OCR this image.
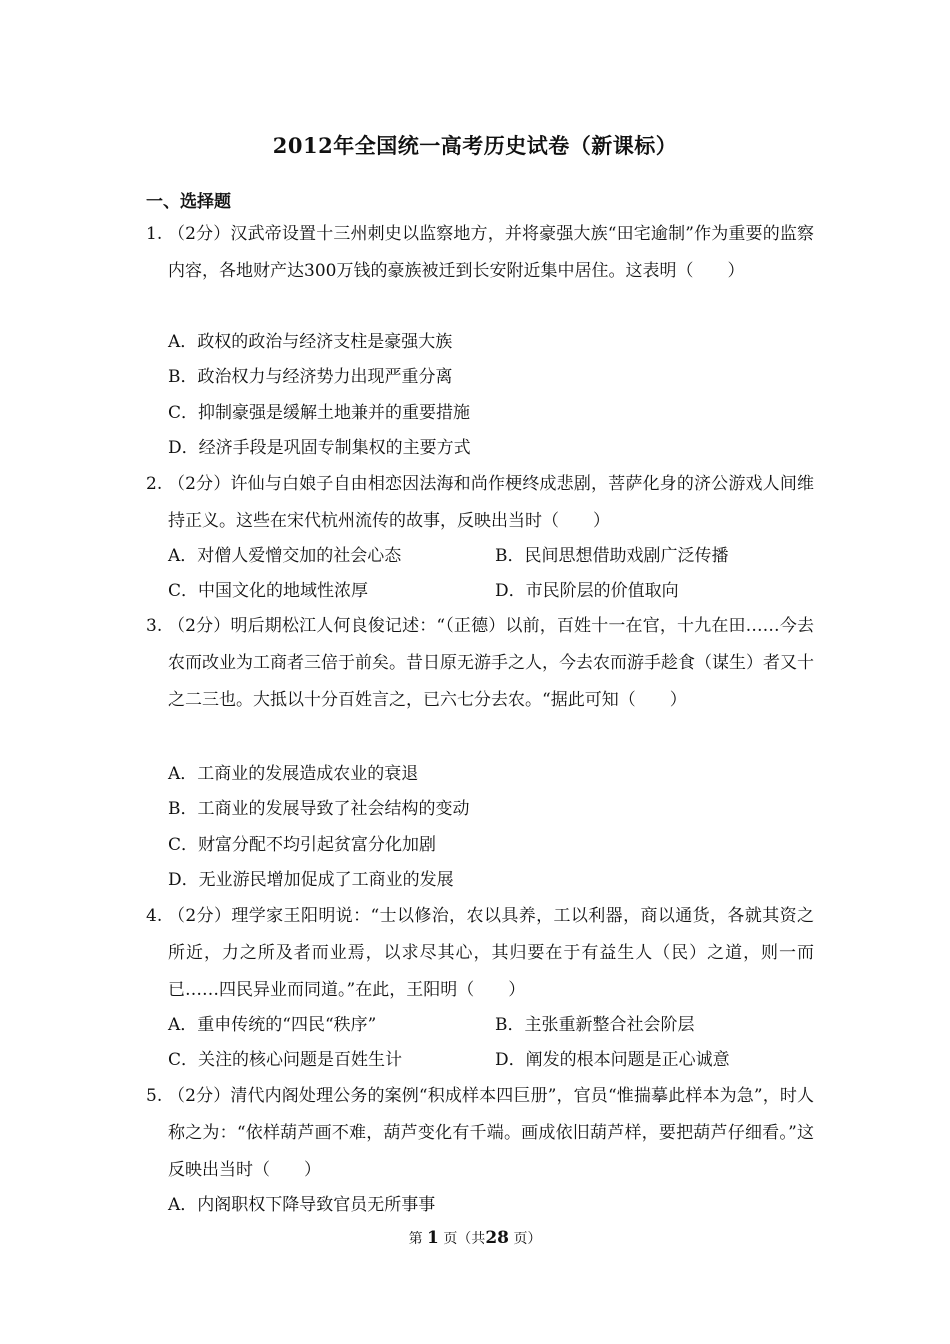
2012年全国统一高考历史试卷（新课标）
一、选择题
1. （2分）汉武帝设置十三州刺史以监察地方，并将豪强大族“田宅逾制”作为重要的监察内容，各地财产达300万钱的豪族被迁到长安附近集中居住。这表明（　　）
A．政权的政治与经济支柱是豪强大族
B．政治权力与经济势力出现严重分离
C．抑制豪强是缓解土地兼并的重要措施
D．经济手段是巩固专制集权的主要方式
2. （2分）许仙与白娘子自由相恋因法海和尚作梗终成悲剧，菩萨化身的济公游戏人间维持正义。这些在宋代杭州流传的故事，反映出当时（　　）
A．对僧人爱憎交加的社会心态	B．民间思想借助戏剧广泛传播
C．中国文化的地域性浓厚	D．市民阶层的价值取向
3. （2分）明后期松江人何良俊记述：“（正德）以前，百姓十一在官，十九在田……今去农而改业为工商者三倍于前矣。昔日原无游手之人，今去农而游手趁食（谋生）者又十之二三也。大抵以十分百姓言之，已六七分去农。“据此可知（　　）
A．工商业的发展造成农业的衰退
B．工商业的发展导致了社会结构的变动
C．财富分配不均引起贫富分化加剧
D．无业游民增加促成了工商业的发展
4. （2分）理学家王阳明说：“士以修治，农以具养，工以利器，商以通货，各就其资之所近，力之所及者而业焉，以求尽其心，其归要在于有益生人（民）之道，则一而已……四民异业而同道。”在此，王阳明（　　）
A．重申传统的“四民“秩序”	B．主张重新整合社会阶层
C．关注的核心问题是百姓生计	D．阐发的根本问题是正心诚意
5. （2分）清代内阁处理公务的案例“积成样本四巨册”，官员“惟揣摹此样本为急”，时人称之为：“依样葫芦画不难，葫芦变化有千端。画成依旧葫芦样，要把葫芦仔细看。”这反映出当时（　　）
A．内阁职权下降导致官员无所事事
第 1 页（共28 页）
